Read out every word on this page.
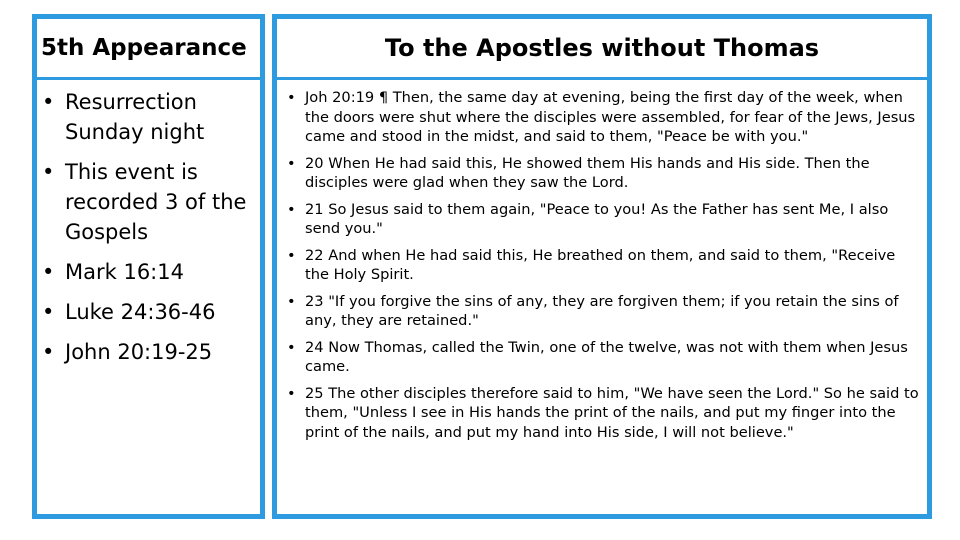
5th Appearance
• Resurrection Sunday night
• This event is recorded 3 of the Gospels
• Mark 16:14
• Luke 24:36-46
• John 20:19-25
To the Apostles without Thomas
• Joh 20:19 ¶ Then, the same day at evening, being the first day of the week, when the doors were shut where the disciples were assembled, for fear of the Jews, Jesus came and stood in the midst, and said to them, "Peace be with you."
• 20 When He had said this, He showed them His hands and His side. Then the disciples were glad when they saw the Lord.
• 21 So Jesus said to them again, "Peace to you! As the Father has sent Me, I also send you."
• 22 And when He had said this, He breathed on them, and said to them, "Receive the Holy Spirit.
• 23 "If you forgive the sins of any, they are forgiven them; if you retain the sins of any, they are retained."
• 24 Now Thomas, called the Twin, one of the twelve, was not with them when Jesus came.
• 25 The other disciples therefore said to him, "We have seen the Lord." So he said to them, "Unless I see in His hands the print of the nails, and put my finger into the print of the nails, and put my hand into His side, I will not believe."
